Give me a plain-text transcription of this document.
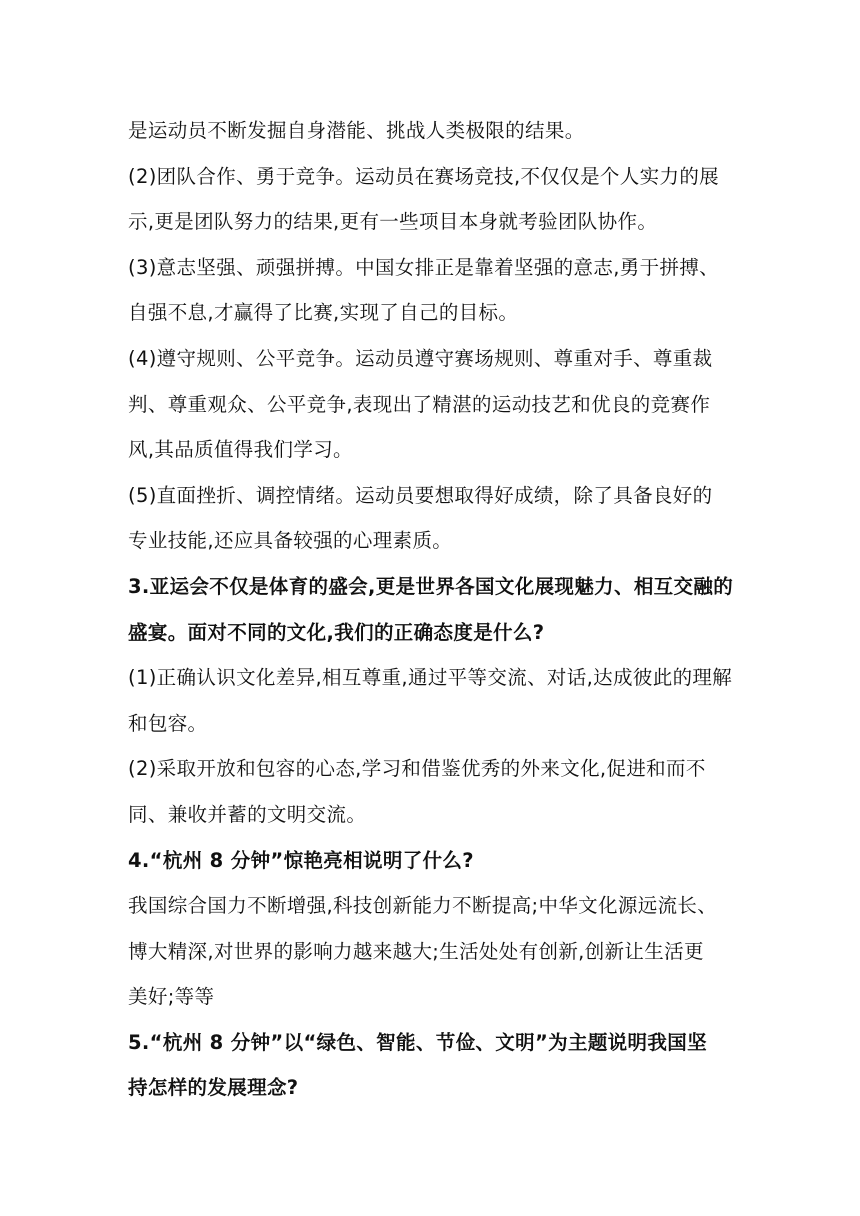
是运动员不断发掘自身潜能、挑战人类极限的结果。
(2)团队合作、勇于竞争。运动员在赛场竞技,不仅仅是个人实力的展
示,更是团队努力的结果,更有一些项目本身就考验团队协作。
(3)意志坚强、顽强拼搏。中国女排正是靠着坚强的意志,勇于拼搏、
自强不息,才赢得了比赛,实现了自己的目标。
(4)遵守规则、公平竞争。运动员遵守赛场规则、尊重对手、尊重裁
判、尊重观众、公平竞争,表现出了精湛的运动技艺和优良的竞赛作
风,其品质值得我们学习。
(5)直面挫折、调控情绪。运动员要想取得好成绩，除了具备良好的
专业技能,还应具备较强的心理素质。
3.亚运会不仅是体育的盛会,更是世界各国文化展现魅力、相互交融的
盛宴。面对不同的文化,我们的正确态度是什么?
(1)正确认识文化差异,相互尊重,通过平等交流、对话,达成彼此的理解
和包容。
(2)采取开放和包容的心态,学习和借鉴优秀的外来文化,促进和而不
同、兼收并蓄的文明交流。
4.“杭州 8 分钟”惊艳亮相说明了什么?
我国综合国力不断增强,科技创新能力不断提高;中华文化源远流长、
博大精深,对世界的影响力越来越大;生活处处有创新,创新让生活更
美好;等等
5.“杭州 8 分钟”以“绿色、智能、节俭、文明”为主题说明我国坚
持怎样的发展理念?
